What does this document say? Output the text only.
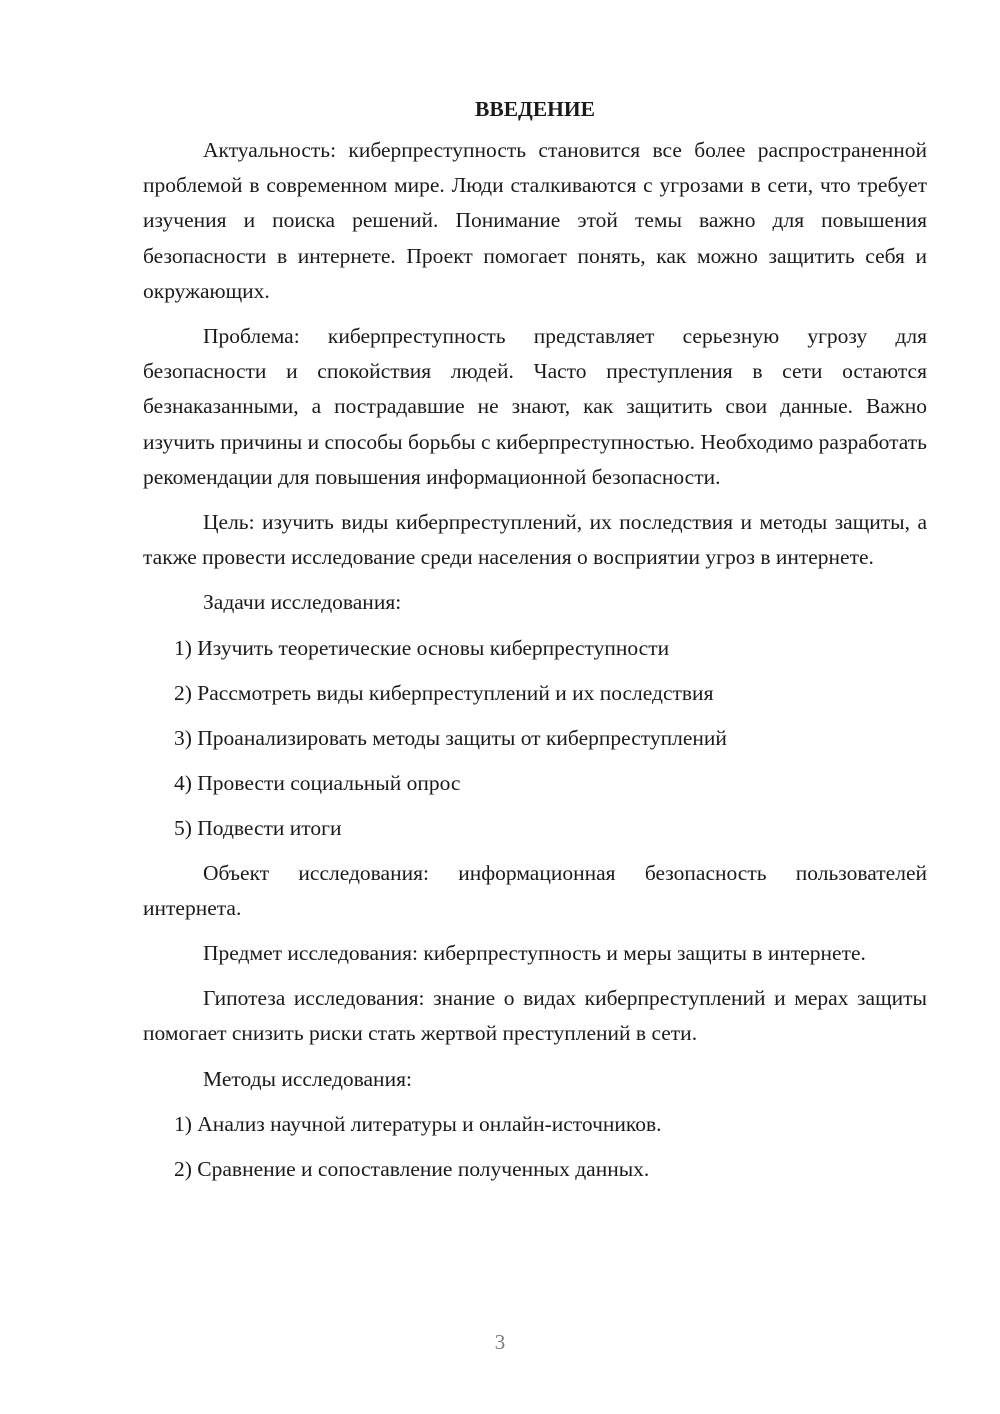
ВВЕДЕНИЕ

Актуальность: киберпреступность становится все более распространенной проблемой в современном мире. Люди сталкиваются с угрозами в сети, что требует изучения и поиска решений. Понимание этой темы важно для повышения безопасности в интернете. Проект помогает понять, как можно защитить себя и окружающих.

Проблема: киберпреступность представляет серьезную угрозу для безопасности и спокойствия людей. Часто преступления в сети остаются безнаказанными, а пострадавшие не знают, как защитить свои данные. Важно изучить причины и способы борьбы с киберпреступностью. Необходимо разработать рекомендации для повышения информационной безопасности.

Цель: изучить виды киберпреступлений, их последствия и методы защиты, а также провести исследование среди населения о восприятии угроз в интернете.

Задачи исследования:

1) Изучить теоретические основы киберпреступности
2) Рассмотреть виды киберпреступлений и их последствия
3) Проанализировать методы защиты от киберпреступлений
4) Провести социальный опрос
5) Подвести итоги

Объект исследования: информационная безопасность пользователей интернета.

Предмет исследования: киберпреступность и меры защиты в интернете.

Гипотеза исследования: знание о видах киберпреступлений и мерах защиты помогает снизить риски стать жертвой преступлений в сети.

Методы исследования:

1) Анализ научной литературы и онлайн-источников.
2) Сравнение и сопоставление полученных данных.
3
